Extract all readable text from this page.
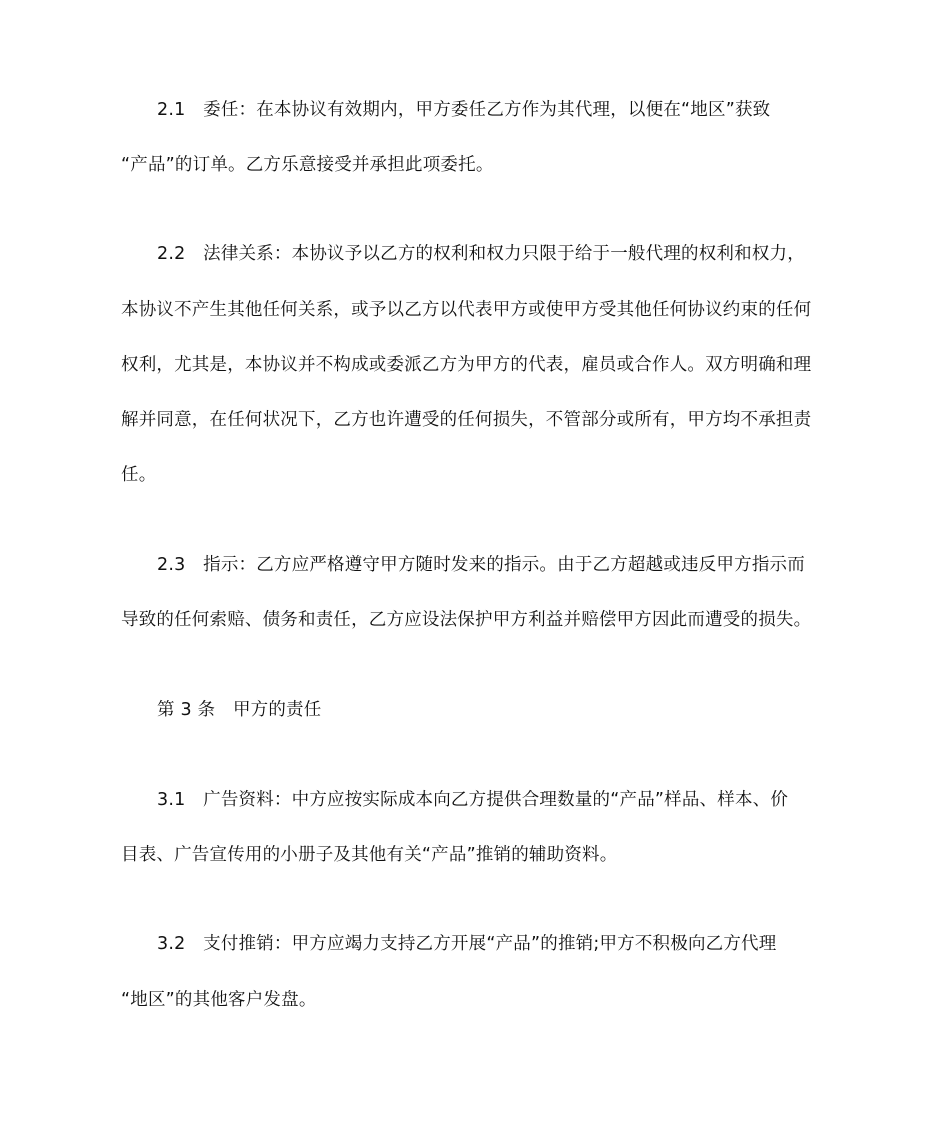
2.1　委任：在本协议有效期内，甲方委任乙方作为其代理，以便在“地区”获致
“产品”的订单。乙方乐意接受并承担此项委托。
2.2　法律关系：本协议予以乙方的权利和权力只限于给于一般代理的权利和权力，
本协议不产生其他任何关系，或予以乙方以代表甲方或使甲方受其他任何协议约束的任何
权利，尤其是，本协议并不构成或委派乙方为甲方的代表，雇员或合作人。双方明确和理
解并同意，在任何状况下，乙方也许遭受的任何损失，不管部分或所有，甲方均不承担责
任。
2.3　指示：乙方应严格遵守甲方随时发来的指示。由于乙方超越或违反甲方指示而
导致的任何索赔、债务和责任，乙方应设法保护甲方利益并赔偿甲方因此而遭受的损失。
第 3 条　甲方的责任
3.1　广告资料：中方应按实际成本向乙方提供合理数量的“产品”样品、样本、价
目表、广告宣传用的小册子及其他有关“产品”推销的辅助资料。
3.2　支付推销：甲方应竭力支持乙方开展“产品”的推销;甲方不积极向乙方代理
“地区”的其他客户发盘。
